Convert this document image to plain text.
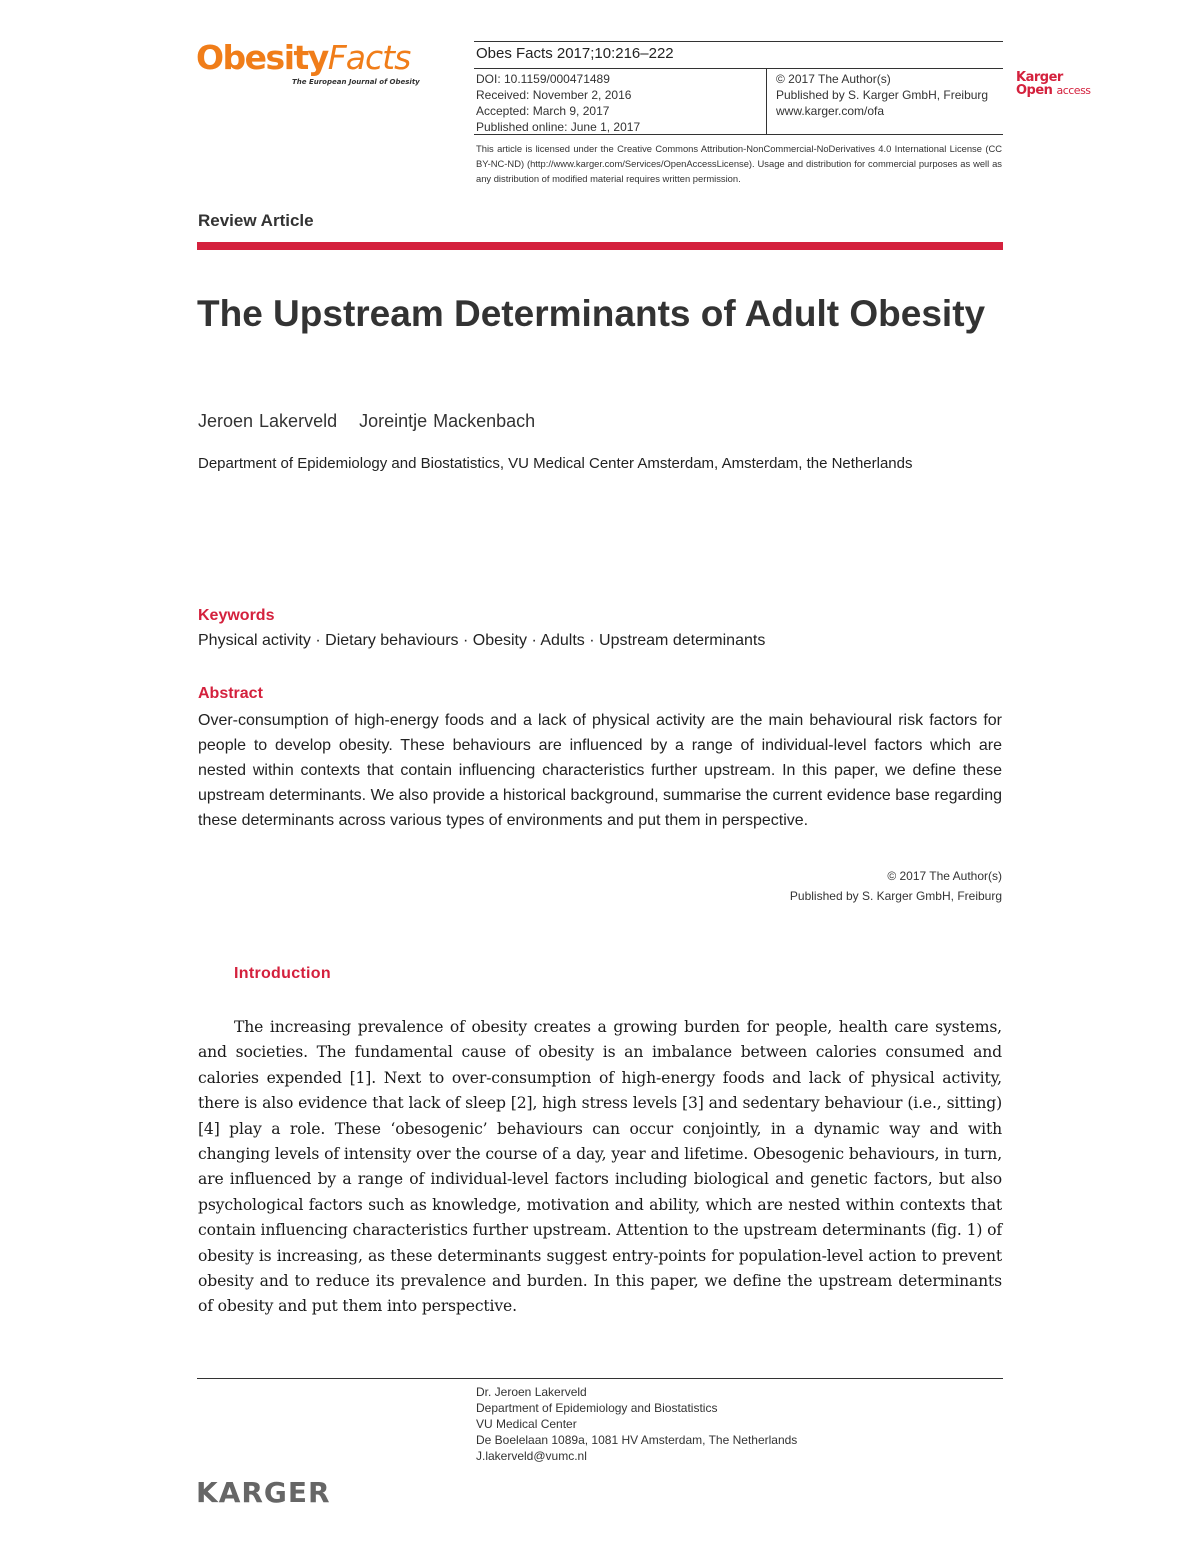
ObesityFacts
The European Journal of Obesity
Obes Facts 2017;10:216–222
DOI: 10.1159/000471489
Received: November 2, 2016
Accepted: March 9, 2017
Published online: June 1, 2017
© 2017 The Author(s)
Published by S. Karger GmbH, Freiburg
www.karger.com/ofa
This article is licensed under the Creative Commons Attribution-NonCommercial-NoDerivatives 4.0 International License (CC BY-NC-ND) (http://www.karger.com/Services/OpenAccessLicense). Usage and distribution for commercial purposes as well as any distribution of modified material requires written permission.
Karger
Open access
Review Article
The Upstream Determinants of Adult Obesity
Jeroen Lakerveld Joreintje Mackenbach
Department of Epidemiology and Biostatistics, VU Medical Center Amsterdam, Amsterdam, the Netherlands
Keywords
Physical activity · Dietary behaviours · Obesity · Adults · Upstream determinants
Abstract
Over-consumption of high-energy foods and a lack of physical activity are the main behavioural risk factors for people to develop obesity. These behaviours are influenced by a range of individual-level factors which are nested within contexts that contain influencing characteristics further upstream. In this paper, we define these upstream determinants. We also provide a historical background, summarise the current evidence base regarding these determinants across various types of environments and put them in perspective.
© 2017 The Author(s)
Published by S. Karger GmbH, Freiburg
Introduction
The increasing prevalence of obesity creates a growing burden for people, health care systems, and societies. The fundamental cause of obesity is an imbalance between calories consumed and calories expended [1]. Next to over-consumption of high-energy foods and lack of physical activity, there is also evidence that lack of sleep [2], high stress levels [3] and sedentary behaviour (i.e., sitting) [4] play a role. These ‘obesogenic’ behaviours can occur conjointly, in a dynamic way and with changing levels of intensity over the course of a day, year and lifetime. Obesogenic behaviours, in turn, are influenced by a range of individual-level factors including biological and genetic factors, but also psychological factors such as knowledge, motivation and ability, which are nested within contexts that contain influencing characteristics further upstream. Attention to the upstream determinants (fig. 1) of obesity is increasing, as these determinants suggest entry-points for population-level action to prevent obesity and to reduce its prevalence and burden. In this paper, we define the upstream determinants of obesity and put them into perspective.
Dr. Jeroen Lakerveld
Department of Epidemiology and Biostatistics
VU Medical Center
De Boelelaan 1089a, 1081 HV Amsterdam, The Netherlands
J.lakerveld@vumc.nl
KARGER
